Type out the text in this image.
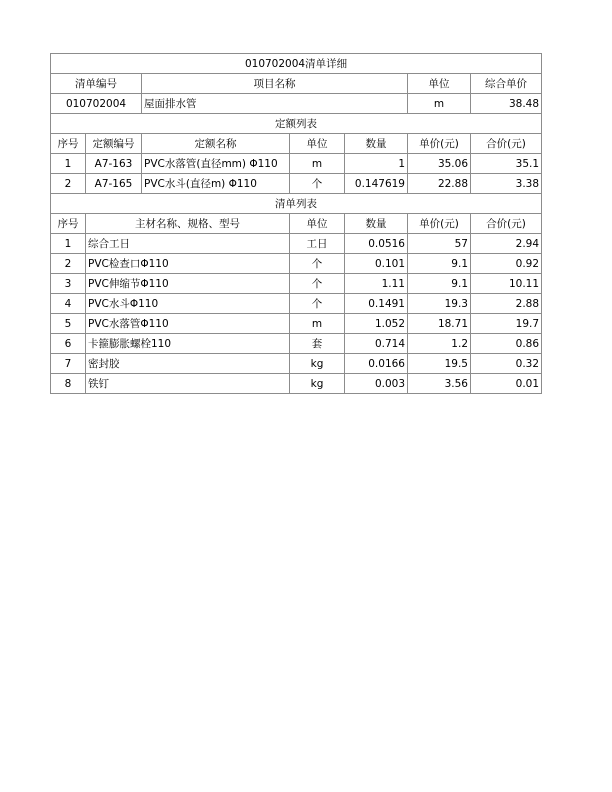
010702004清单详细						
清单编号		项目名称			单位	综合单价
010702004		屋面排水管			m	38.48
定额列表						
序号	定额编号	定额名称	单位	数量	单价(元)	合价(元)
1	A7-163	PVC水落管(直径mm) Φ110	m	1	35.06	35.1
2	A7-165	PVC水斗(直径m) Φ110	个	0.147619	22.88	3.38
清单列表						
序号	主材名称、规格、型号		单位	数量	单价(元)	合价(元)
1	综合工日		工日	0.0516	57	2.94
2	PVC检查口Φ110		个	0.101	9.1	0.92
3	PVC伸缩节Φ110		个	1.11	9.1	10.11
4	PVC水斗Φ110		个	0.1491	19.3	2.88
5	PVC水落管Φ110		m	1.052	18.71	19.7
6	卡箍膨胀螺栓110		套	0.714	1.2	0.86
7	密封胶		kg	0.0166	19.5	0.32
8	铁钉		kg	0.003	3.56	0.01
